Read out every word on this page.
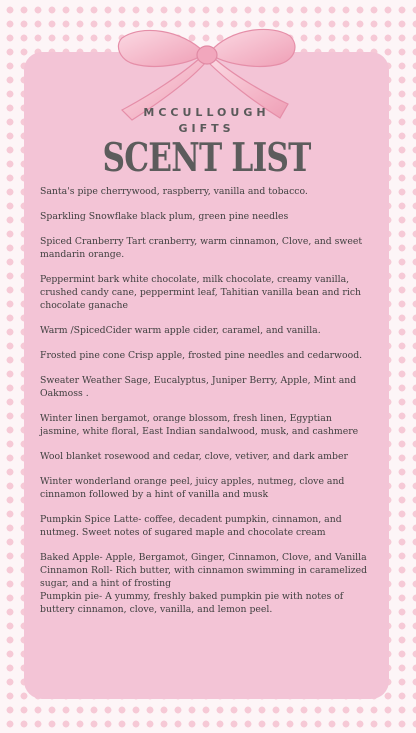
MCCULLOUGH

GIFTS

SCENT LIST
Santa's pipe cherrywood, raspberry, vanilla and tobacco.
Sparkling Snowflake black plum, green pine needles
Spiced Cranberry Tart cranberry, warm cinnamon, Clove, and sweet mandarin orange.
Peppermint bark white chocolate, milk chocolate, creamy vanilla, crushed candy cane, peppermint leaf, Tahitian vanilla bean and rich chocolate ganache
Warm /SpicedCider warm apple cider, caramel, and vanilla.
Frosted pine cone Crisp apple, frosted pine needles and cedarwood.
Sweater Weather Sage, Eucalyptus, Juniper Berry, Apple, Mint and Oakmoss .
Winter linen bergamot, orange blossom, fresh linen, Egyptian jasmine, white floral, East Indian sandalwood, musk, and cashmere
Wool blanket rosewood and cedar, clove, vetiver, and dark amber
Winter wonderland orange peel, juicy apples, nutmeg, clove and cinnamon followed by a hint of vanilla and musk
Pumpkin Spice Latte- coffee, decadent pumpkin, cinnamon, and nutmeg. Sweet notes of sugared maple and chocolate cream
Baked Apple- Apple, Bergamot, Ginger, Cinnamon, Clove, and Vanilla
Cinnamon Roll- Rich butter, with cinnamon swimming in caramelized sugar, and a hint of frosting
Pumpkin pie- A yummy, freshly baked pumpkin pie with notes of buttery cinnamon, clove, vanilla, and lemon peel.
